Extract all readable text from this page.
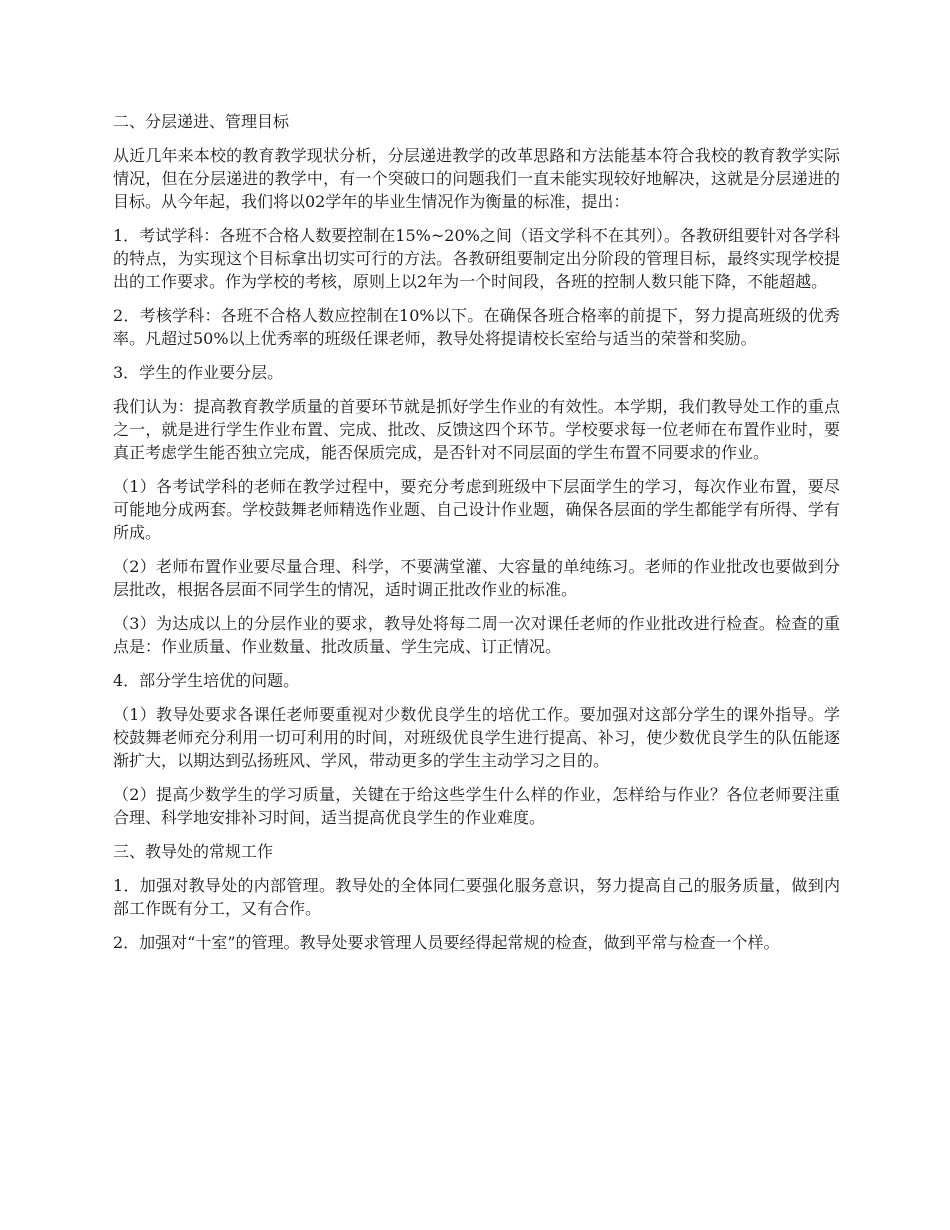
二、分层递进、管理目标

从近几年来本校的教育教学现状分析，分层递进教学的改革思路和方法能基本符合我校的教育教学实际情况，但在分层递进的教学中，有一个突破口的问题我们一直未能实现较好地解决，这就是分层递进的目标。从今年起，我们将以02学年的毕业生情况作为衡量的标准，提出：

1．考试学科：各班不合格人数要控制在15%~20%之间（语文学科不在其列）。各教研组要针对各学科的特点，为实现这个目标拿出切实可行的方法。各教研组要制定出分阶段的管理目标，最终实现学校提出的工作要求。作为学校的考核，原则上以2年为一个时间段，各班的控制人数只能下降，不能超越。

2．考核学科：各班不合格人数应控制在10%以下。在确保各班合格率的前提下，努力提高班级的优秀率。凡超过50%以上优秀率的班级任课老师，教导处将提请校长室给与适当的荣誉和奖励。

3．学生的作业要分层。

我们认为：提高教育教学质量的首要环节就是抓好学生作业的有效性。本学期，我们教导处工作的重点之一，就是进行学生作业布置、完成、批改、反馈这四个环节。学校要求每一位老师在布置作业时，要真正考虑学生能否独立完成，能否保质完成，是否针对不同层面的学生布置不同要求的作业。

（1）各考试学科的老师在教学过程中，要充分考虑到班级中下层面学生的学习，每次作业布置，要尽可能地分成两套。学校鼓舞老师精选作业题、自己设计作业题，确保各层面的学生都能学有所得、学有所成。

（2）老师布置作业要尽量合理、科学，不要满堂灌、大容量的单纯练习。老师的作业批改也要做到分层批改，根据各层面不同学生的情况，适时调正批改作业的标准。

（3）为达成以上的分层作业的要求，教导处将每二周一次对课任老师的作业批改进行检查。检查的重点是：作业质量、作业数量、批改质量、学生完成、订正情况。

4．部分学生培优的问题。

（1）教导处要求各课任老师要重视对少数优良学生的培优工作。要加强对这部分学生的课外指导。学校鼓舞老师充分利用一切可利用的时间，对班级优良学生进行提高、补习，使少数优良学生的队伍能逐渐扩大，以期达到弘扬班风、学风，带动更多的学生主动学习之目的。

（2）提高少数学生的学习质量，关键在于给这些学生什么样的作业，怎样给与作业？各位老师要注重合理、科学地安排补习时间，适当提高优良学生的作业难度。

三、教导处的常规工作

1．加强对教导处的内部管理。教导处的全体同仁要强化服务意识，努力提高自己的服务质量，做到内部工作既有分工，又有合作。

2．加强对“十室”的管理。教导处要求管理人员要经得起常规的检查，做到平常与检查一个样。
